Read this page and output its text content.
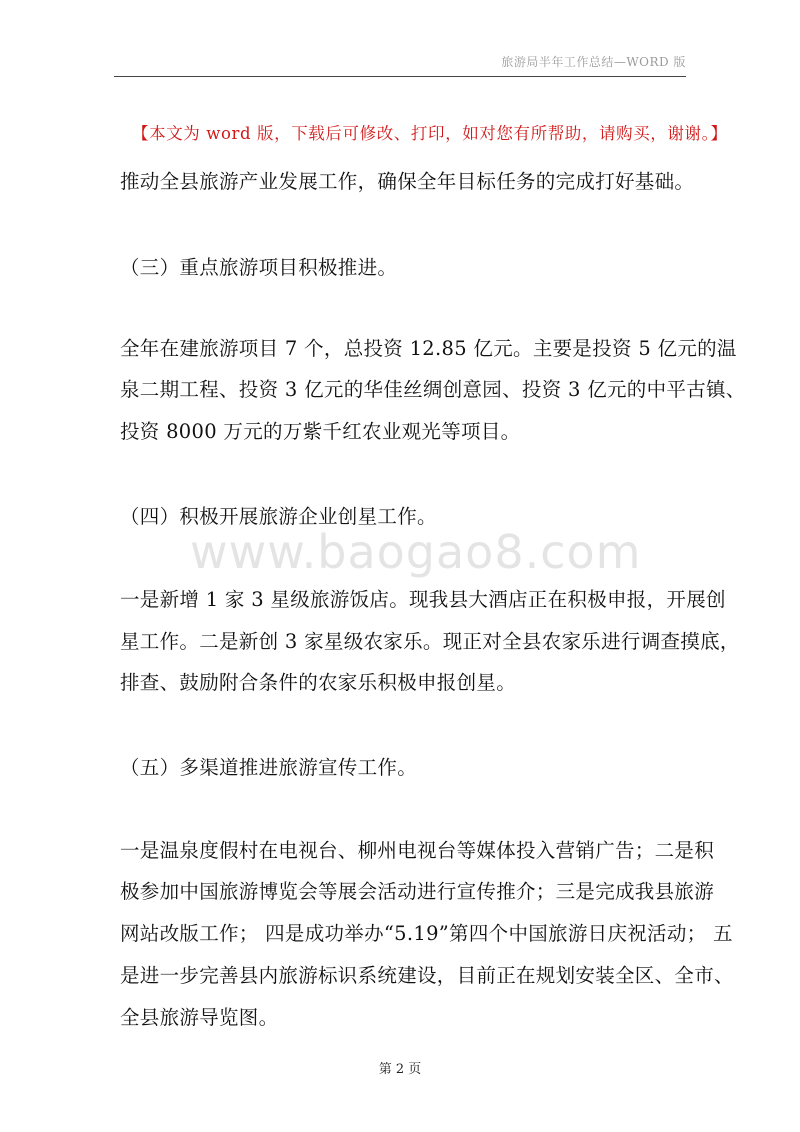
旅游局半年工作总结—WORD 版
【本文为 word 版，下载后可修改、打印，如对您有所帮助，请购买，谢谢。】
www.baogao8.com
推动全县旅游产业发展工作，确保全年目标任务的完成打好基础。
（三）重点旅游项目积极推进。
全年在建旅游项目 7 个，总投资 12.85 亿元。主要是投资 5 亿元的温
泉二期工程、投资 3 亿元的华佳丝绸创意园、投资 3 亿元的中平古镇、
投资 8000 万元的万紫千红农业观光等项目。
（四）积极开展旅游企业创星工作。
一是新增 1 家 3 星级旅游饭店。现我县大酒店正在积极申报，开展创
星工作。二是新创 3 家星级农家乐。现正对全县农家乐进行调查摸底，
排查、鼓励附合条件的农家乐积极申报创星。
（五）多渠道推进旅游宣传工作。
一是温泉度假村在电视台、柳州电视台等媒体投入营销广告；二是积
极参加中国旅游博览会等展会活动进行宣传推介；三是完成我县旅游
网站改版工作； 四是成功举办“5.19”第四个中国旅游日庆祝活动； 五
是进一步完善县内旅游标识系统建设，目前正在规划安装全区、全市、
全县旅游导览图。
第 2 页
